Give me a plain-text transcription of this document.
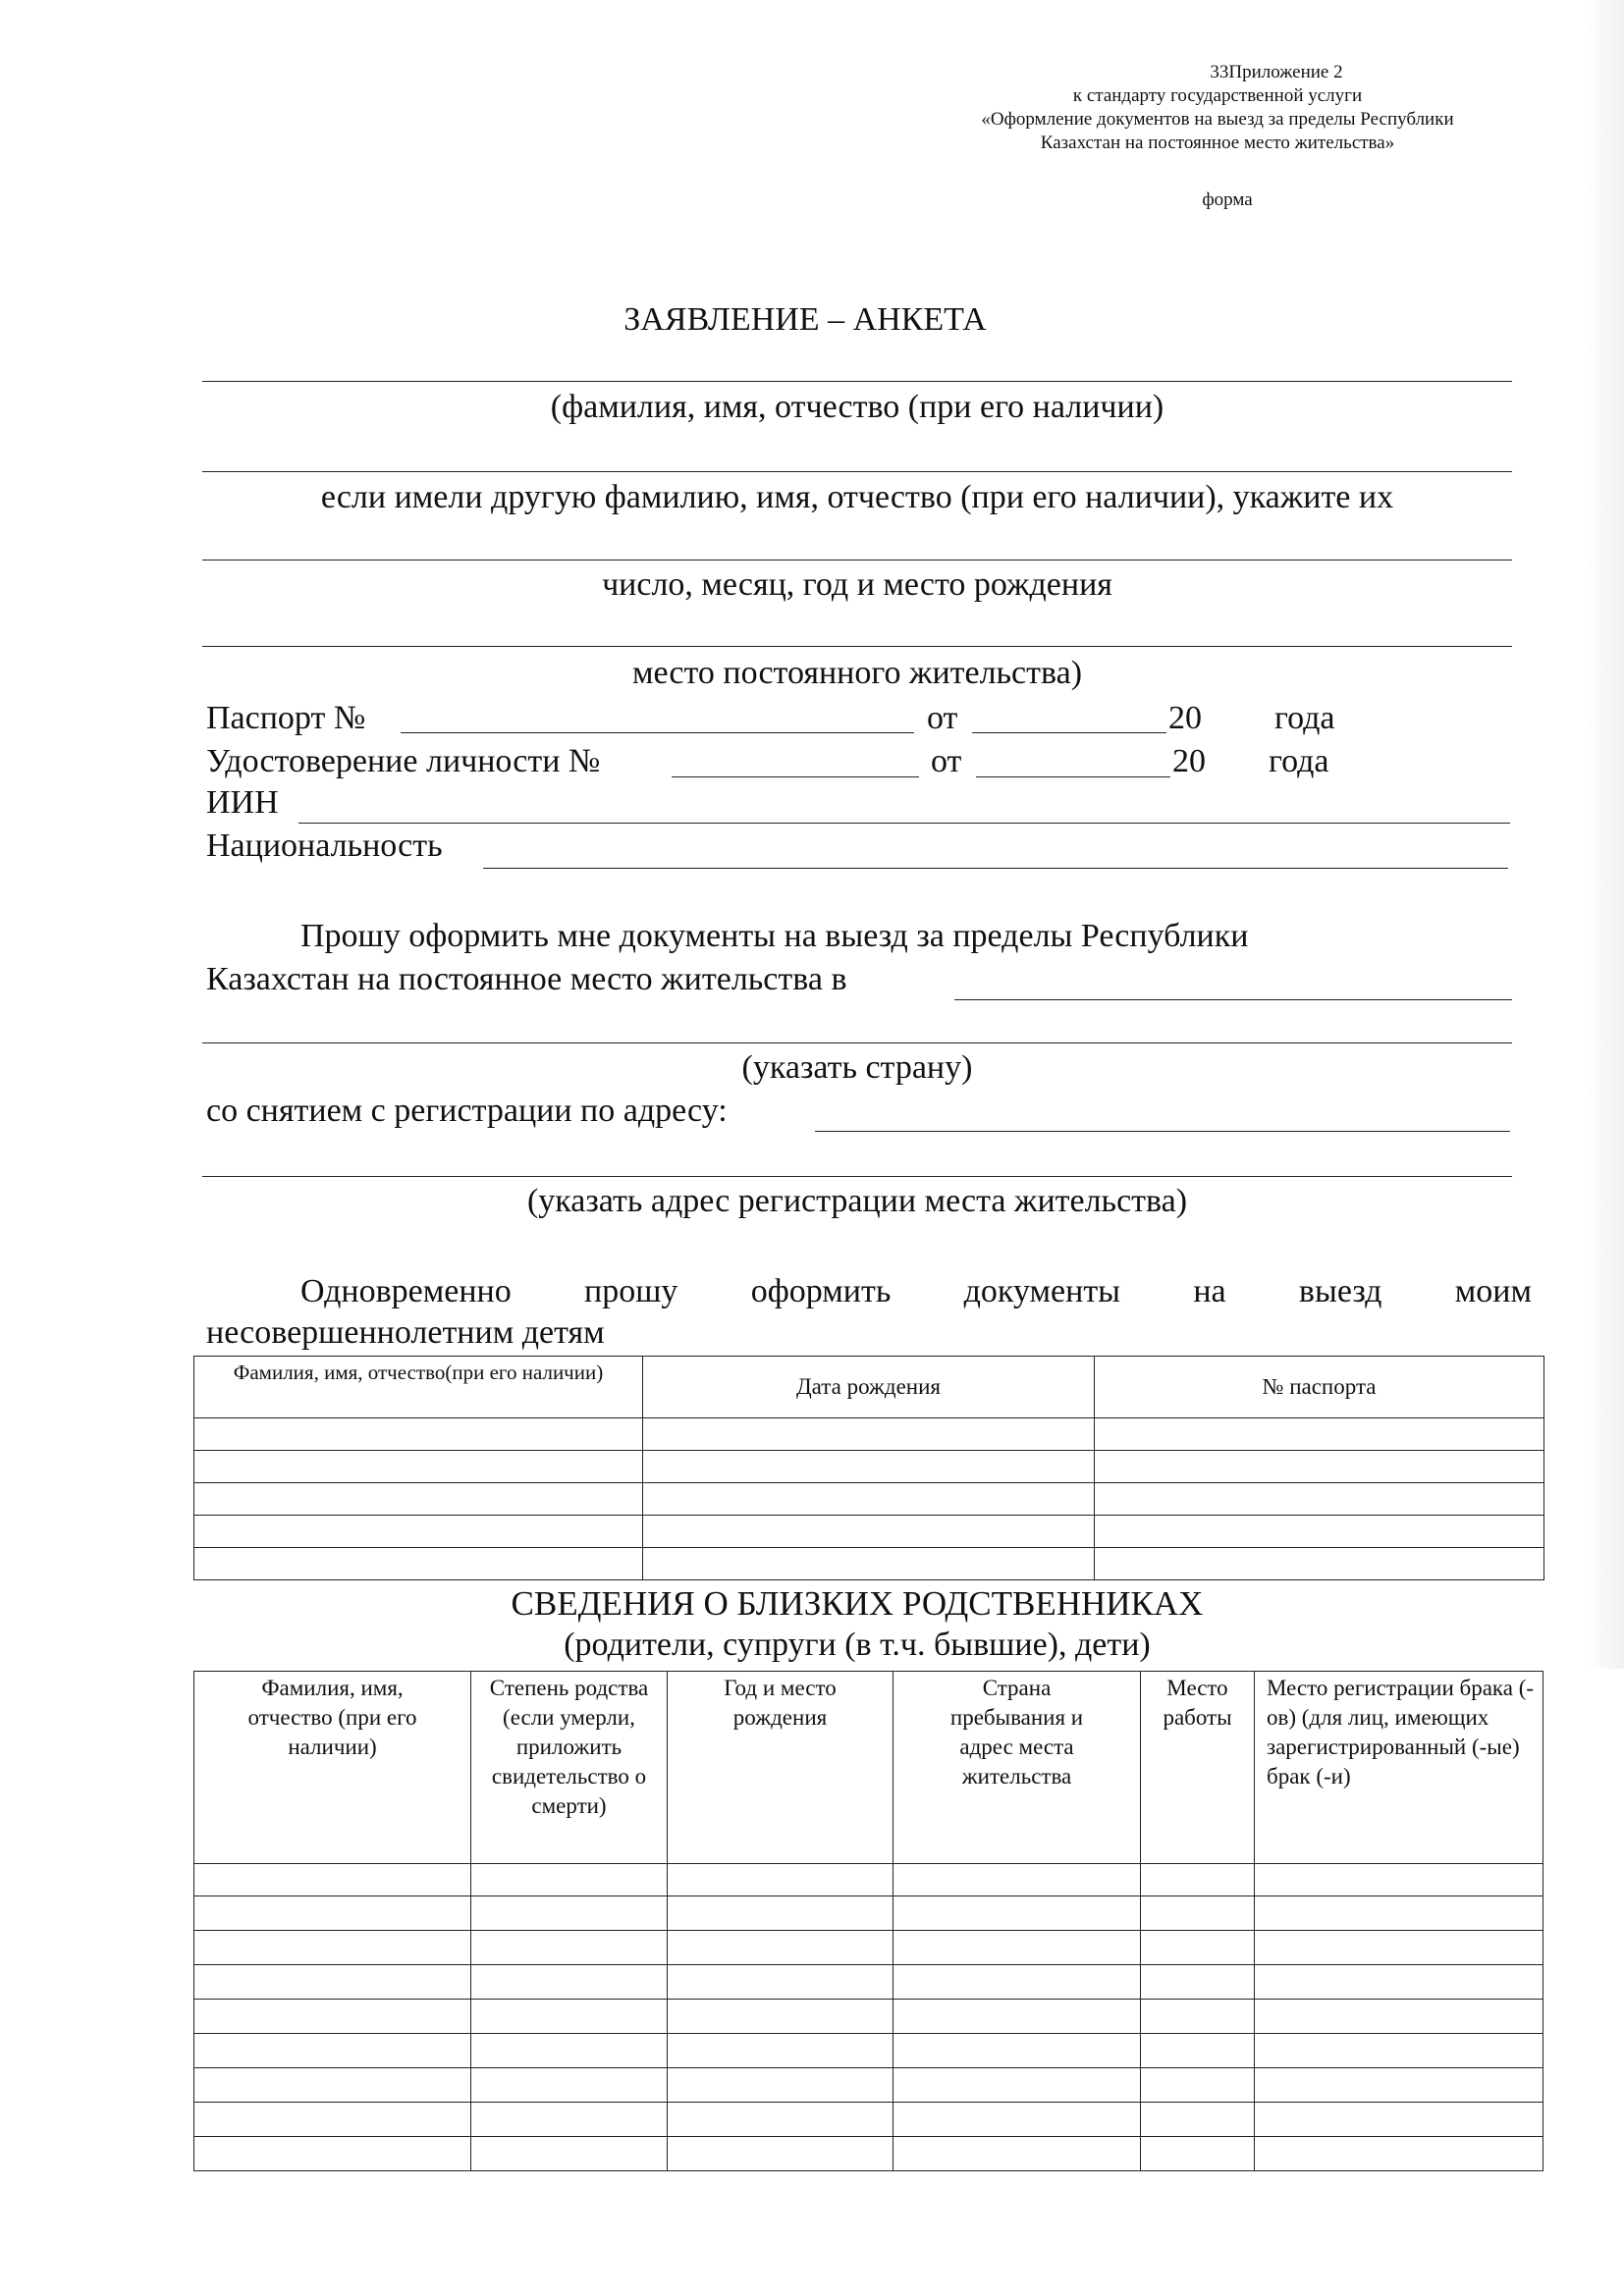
33Приложение 2
к стандарту государственной услуги
«Оформление документов на выезд за пределы Республики
Казахстан на постоянное место жительства»
форма
ЗАЯВЛЕНИЕ – АНКЕТА
(фамилия, имя, отчество (при его наличии)
если имели другую фамилию, имя, отчество (при его наличии), укажите их
число, месяц, год и место рождения
место постоянного жительства)
Паспорт №	от	20 года
Удостоверение личности №	от	20 года
ИИН
Национальность
Прошу оформить мне документы на выезд за пределы Республики
Казахстан на постоянное место жительства в
(указать страну)
со снятием с регистрации по адресу:
(указать адрес регистрации места жительства)
Одновременно прошу оформить документы на выезд моим
несовершеннолетним детям
Фамилия, имя, отчество(при его наличии)	Дата рождения	№ паспорта

СВЕДЕНИЯ О БЛИЗКИХ РОДСТВЕННИКАХ
(родители, супруги (в т.ч. бывшие), дети)
Фамилия, имя, отчество (при его наличии)	Степень родства (если умерли, приложить свидетельство о смерти)	Год и место рождения	Страна пребывания и адрес места жительства	Место работы	Место регистрации брака (-ов) (для лиц, имеющих зарегистрированный (-ые) брак (-и)
